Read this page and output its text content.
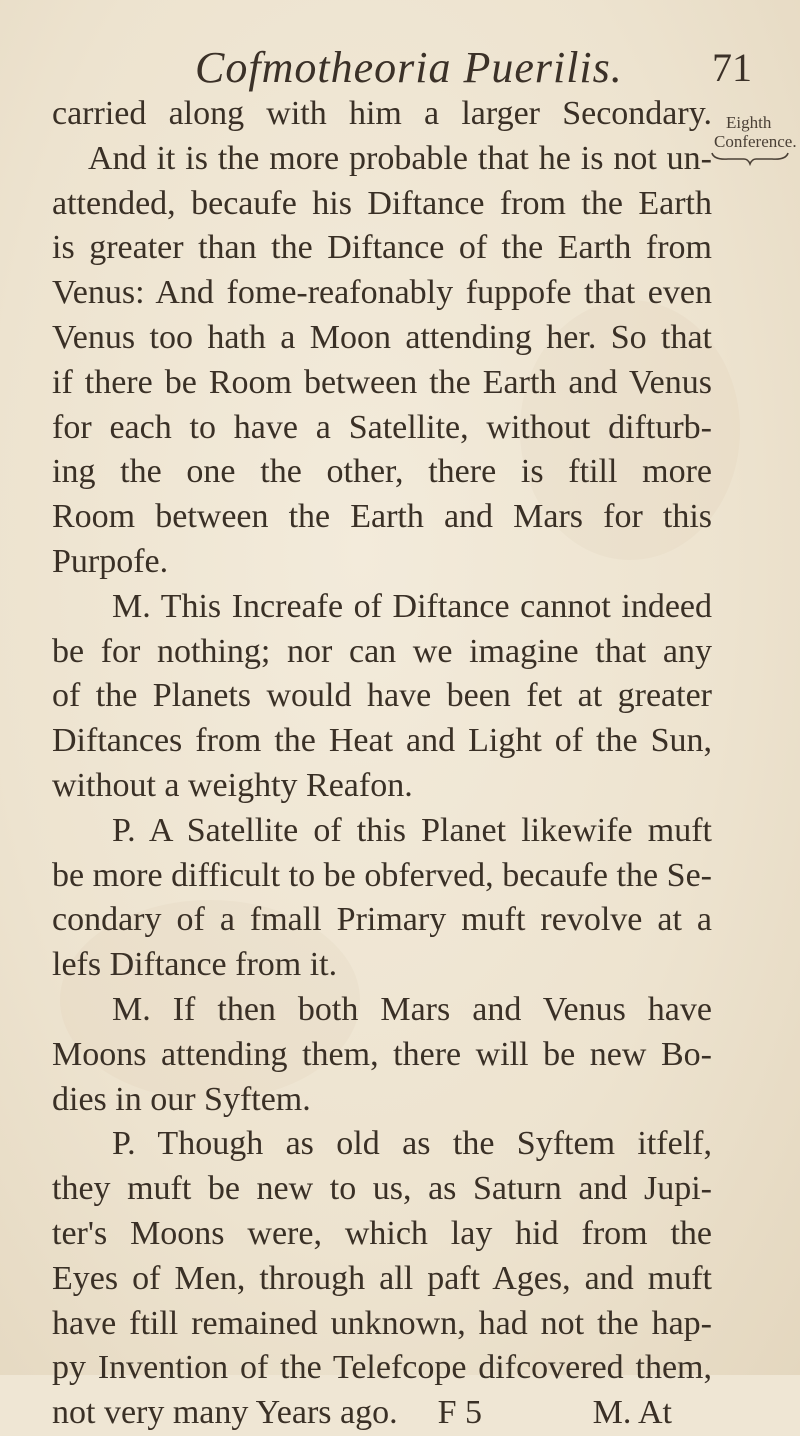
Cofmotheoria Puerilis. 71
Eighth
Conference.
carried along with him a larger Secondary.
And it is the more probable that he is not un-
attended, becaufe his Diftance from the Earth
is greater than the Diftance of the Earth from
Venus: And fome-reafonably fuppofe that even
Venus too hath a Moon attending her. So that
if there be Room between the Earth and Venus
for each to have a Satellite, without difturb-
ing the one the other, there is ftill more
Room between the Earth and Mars for this
Purpofe.
M. This Increafe of Diftance cannot indeed
be for nothing; nor can we imagine that any
of the Planets would have been fet at greater
Diftances from the Heat and Light of the Sun,
without a weighty Reafon.
P. A Satellite of this Planet likewife muft
be more difficult to be obferved, becaufe the Se-
condary of a fmall Primary muft revolve at a
lefs Diftance from it.
M. If then both Mars and Venus have
Moons attending them, there will be new Bo-
dies in our Syftem.
P. Though as old as the Syftem itfelf,
they muft be new to us, as Saturn and Jupi-
ter's Moons were, which lay hid from the
Eyes of Men, through all paft Ages, and muft
have ftill remained unknown, had not the hap-
py Invention of the Telefcope difcovered them,
not very many Years ago. F 5	M. At
